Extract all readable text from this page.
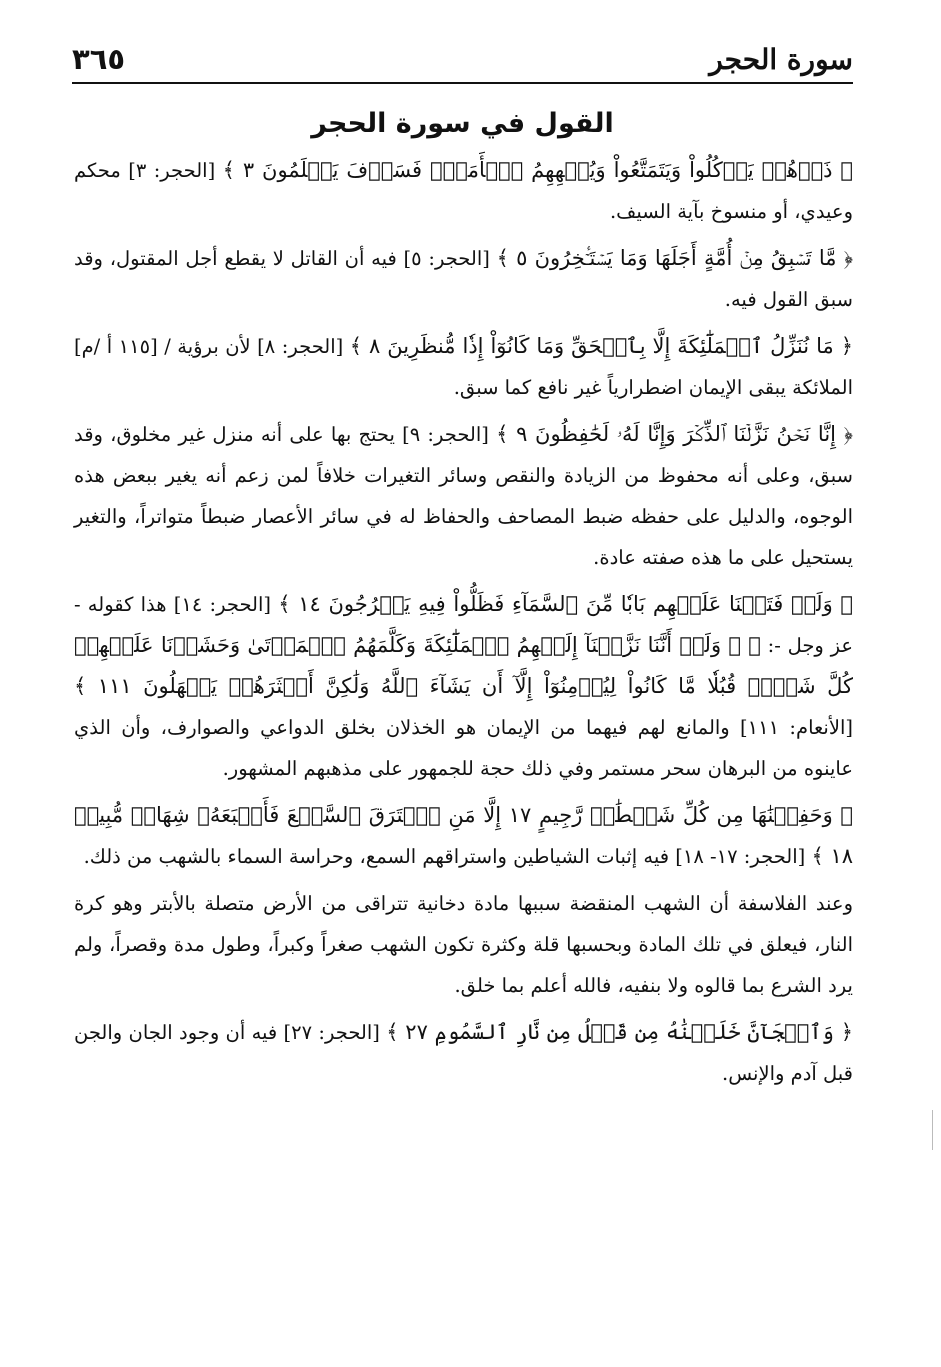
٣٦٥	سورة الحجر
القول في سورة الحجر

﴿ ذَرۡهُمۡ يَأۡكُلُواْ وَيَتَمَتَّعُواْ وَيُلۡهِهِمُ ٱلۡأَمَلُۖ فَسَوۡفَ يَعۡلَمُونَ ٣ ﴾ [الحجر: ٣] محكم وعيدي، أو منسوخ بآية السيف.

﴿ مَّا تَسۡبِقُ مِنۡ أُمَّةٍ أَجَلَهَا وَمَا يَسۡتَـٔۡخِرُونَ ٥ ﴾ [الحجر: ٥] فيه أن القاتل لا يقطع أجل المقتول، وقد سبق القول فيه.

﴿ مَا نُنَزِّلُ ٱلۡمَلَٰٓئِكَةَ إِلَّا بِٱلۡحَقِّ وَمَا كَانُوٓاْ إِذٗا مُّنظَرِينَ ٨ ﴾ [الحجر: ٨] لأن برؤية / [١١٥ أ /م] الملائكة يبقى الإيمان اضطرارياً غير نافع كما سبق.

﴿ إِنَّا نَحۡنُ نَزَّلۡنَا ٱلذِّكۡرَ وَإِنَّا لَهُۥ لَحَٰفِظُونَ ٩ ﴾ [الحجر: ٩] يحتج بها على أنه منزل غير مخلوق، وقد سبق، وعلى أنه محفوظ من الزيادة والنقص وسائر التغيرات خلافاً لمن زعم أنه يغير ببعض هذه الوجوه، والدليل على حفظه ضبط المصاحف والحفاظ له في سائر الأعصار ضبطاً متواتراً، والتغير يستحيل على ما هذه صفته عادة.

﴿ وَلَوۡ فَتَحۡنَا عَلَيۡهِم بَابٗا مِّنَ ٱلسَّمَآءِ فَظَلُّواْ فِيهِ يَعۡرُجُونَ ١٤ ﴾ [الحجر: ١٤] هذا كقوله - عز وجل -: ﴿ ۞ وَلَوۡ أَنَّنَا نَزَّلۡنَآ إِلَيۡهِمُ ٱلۡمَلَٰٓئِكَةَ وَكَلَّمَهُمُ ٱلۡمَوۡتَىٰ وَحَشَرۡنَا عَلَيۡهِمۡ كُلَّ شَيۡءٖ قُبُلٗا مَّا كَانُواْ لِيُؤۡمِنُوٓاْ إِلَّآ أَن يَشَآءَ ٱللَّهُ وَلَٰكِنَّ أَكۡثَرَهُمۡ يَجۡهَلُونَ ١١١ ﴾ [الأنعام: ١١١] والمانع لهم فيهما من الإيمان هو الخذلان بخلق الدواعي والصوارف، وأن الذي عاينوه من البرهان سحر مستمر وفي ذلك حجة للجمهور على مذهبهم المشهور.

﴿ وَحَفِظۡنَٰهَا مِن كُلِّ شَيۡطَٰنٖ رَّجِيمٍ ١٧ إِلَّا مَنِ ٱسۡتَرَقَ ٱلسَّمۡعَ فَأَتۡبَعَهُۥ شِهَابٞ مُّبِينٞ ١٨ ﴾ [الحجر: ١٧- ١٨] فيه إثبات الشياطين واستراقهم السمع، وحراسة السماء بالشهب من ذلك.

وعند الفلاسفة أن الشهب المنقضة سببها مادة دخانية تتراقى من الأرض متصلة بالأبتر وهو كرة النار، فيعلق في تلك المادة وبحسبها قلة وكثرة تكون الشهب صغراً وكبراً، وطول مدة وقصراً، ولم يرد الشرع بما قالوه ولا بنفيه، فالله أعلم بما خلق.

﴿ وَٱلۡجَآنَّ خَلَقۡنَٰهُ مِن قَبۡلُ مِن نَّارِ ٱلسَّمُومِ ٢٧ ﴾ [الحجر: ٢٧] فيه أن وجود الجان والجن قبل آدم والإنس.
